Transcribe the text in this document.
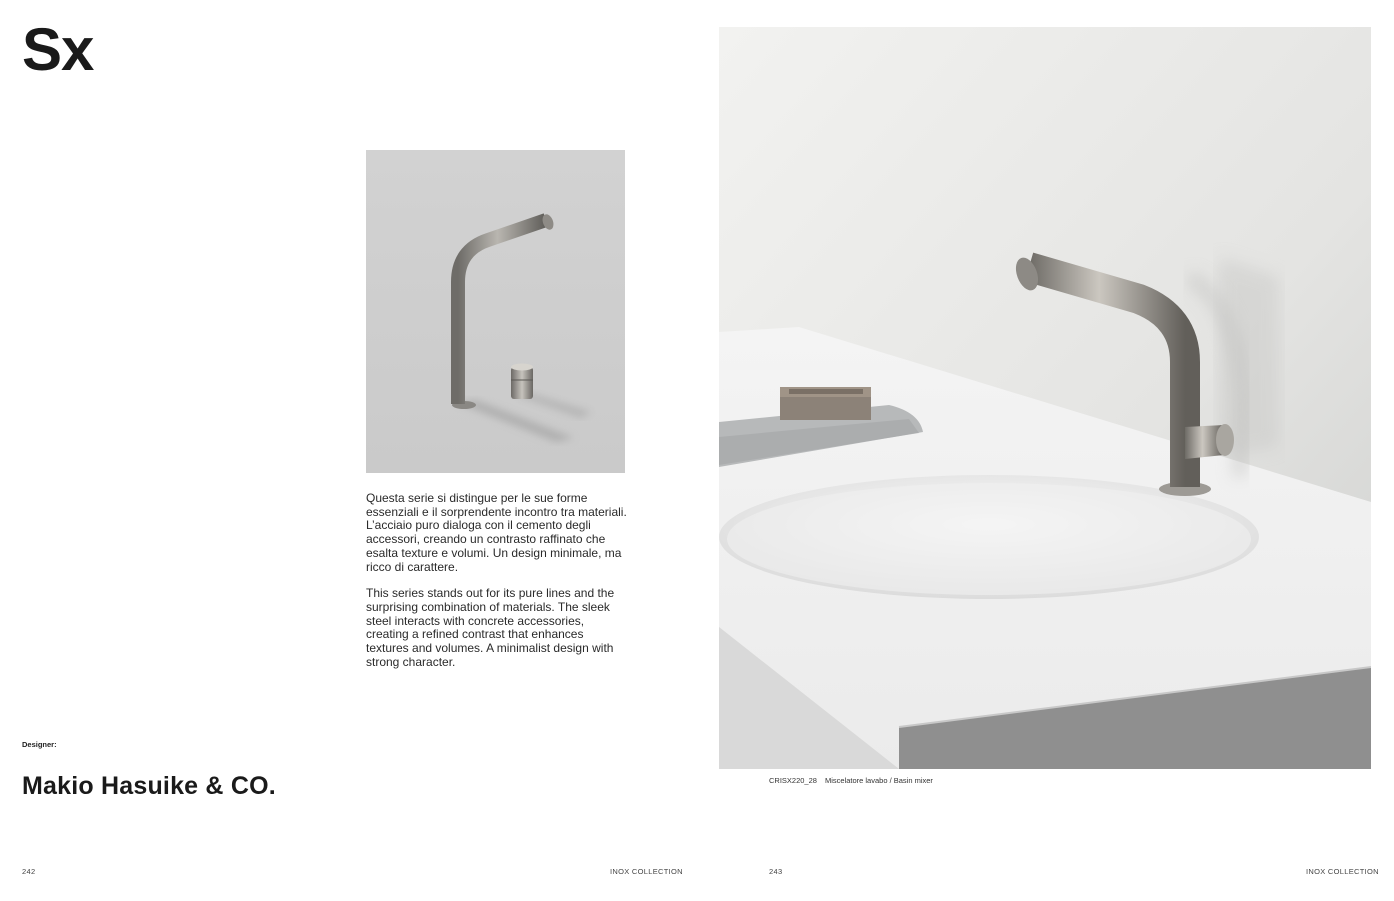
Sx

Questa serie si distingue per le sue forme essenziali e il sorprendente incontro tra materiali. L’acciaio puro dialoga con il cemento degli accessori, creando un contrasto raffinato che esalta texture e volumi. Un design minimale, ma ricco di carattere.

This series stands out for its pure lines and the surprising combination of materials. The sleek steel interacts with concrete accessories, creating a refined contrast that enhances textures and volumes. A minimalist design with strong character.

Designer:
Makio Hasuike & CO.
242	INOX COLLECTION
CRISX220_28 Miscelatore lavabo / Basin mixer
243	INOX COLLECTION
